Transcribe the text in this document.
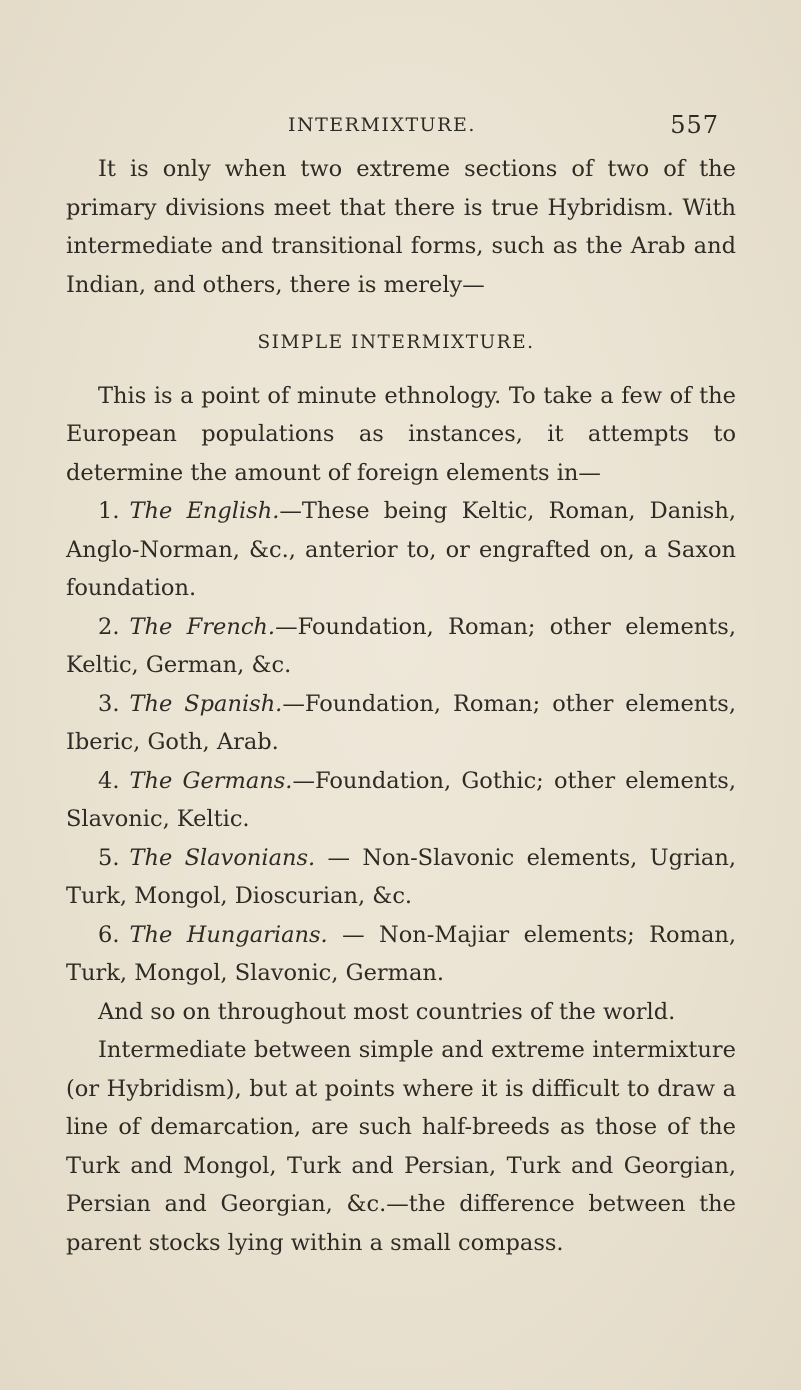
INTERMIXTURE.	557

It is only when two extreme sections of two of the primary divisions meet that there is true Hybridism. With intermediate and transitional forms, such as the Arab and Indian, and others, there is merely—

SIMPLE INTERMIXTURE.

This is a point of minute ethnology. To take a few of the European populations as instances, it attempts to determine the amount of foreign elements in—

1. The English.—These being Keltic, Roman, Danish, Anglo-Norman, &c., anterior to, or engrafted on, a Saxon foundation.

2. The French.—Foundation, Roman; other elements, Keltic, German, &c.

3. The Spanish.—Foundation, Roman; other elements, Iberic, Goth, Arab.

4. The Germans.—Foundation, Gothic; other elements, Slavonic, Keltic.

5. The Slavonians. — Non-Slavonic elements, Ugrian, Turk, Mongol, Dioscurian, &c.

6. The Hungarians. — Non-Majiar elements; Roman, Turk, Mongol, Slavonic, German.

And so on throughout most countries of the world.

Intermediate between simple and extreme intermixture (or Hybridism), but at points where it is difficult to draw a line of demarcation, are such half-breeds as those of the Turk and Mongol, Turk and Persian, Turk and Georgian, Persian and Georgian, &c.—the difference between the parent stocks lying within a small compass.
